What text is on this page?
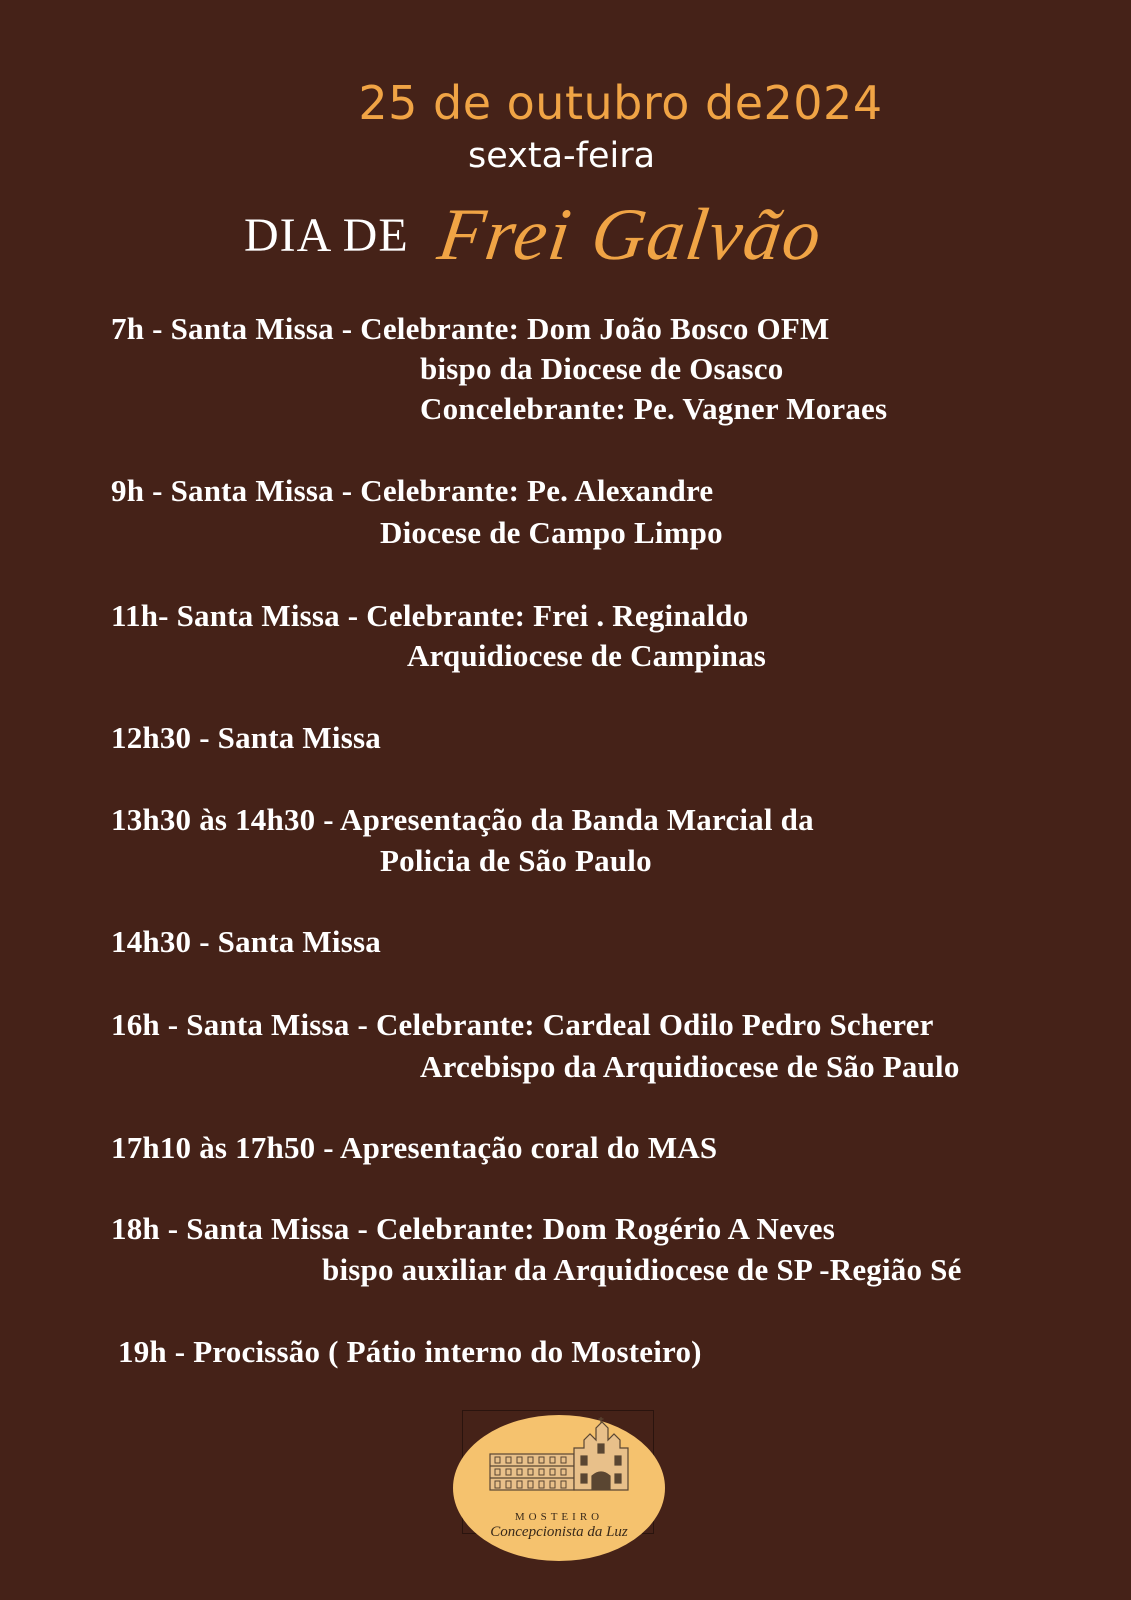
25 de outubro de2024
sexta-feira
DIA DE Frei Galvão
7h - Santa Missa - Celebrante: Dom João Bosco OFM
bispo da Diocese de Osasco
Concelebrante: Pe. Vagner Moraes
9h - Santa Missa - Celebrante: Pe. Alexandre
Diocese de Campo Limpo
11h- Santa Missa - Celebrante: Frei . Reginaldo
Arquidiocese de Campinas
12h30 - Santa Missa
13h30 às 14h30 - Apresentação da Banda Marcial da
Policia de São Paulo
14h30 - Santa Missa
16h - Santa Missa - Celebrante: Cardeal Odilo Pedro Scherer
Arcebispo da Arquidiocese de São Paulo
17h10 às 17h50 - Apresentação coral do MAS
18h - Santa Missa - Celebrante: Dom Rogério A Neves
bispo auxiliar da Arquidiocese de SP -Região Sé
19h - Procissão ( Pátio interno do Mosteiro)
MOSTEIRO
Concepcionista da Luz
